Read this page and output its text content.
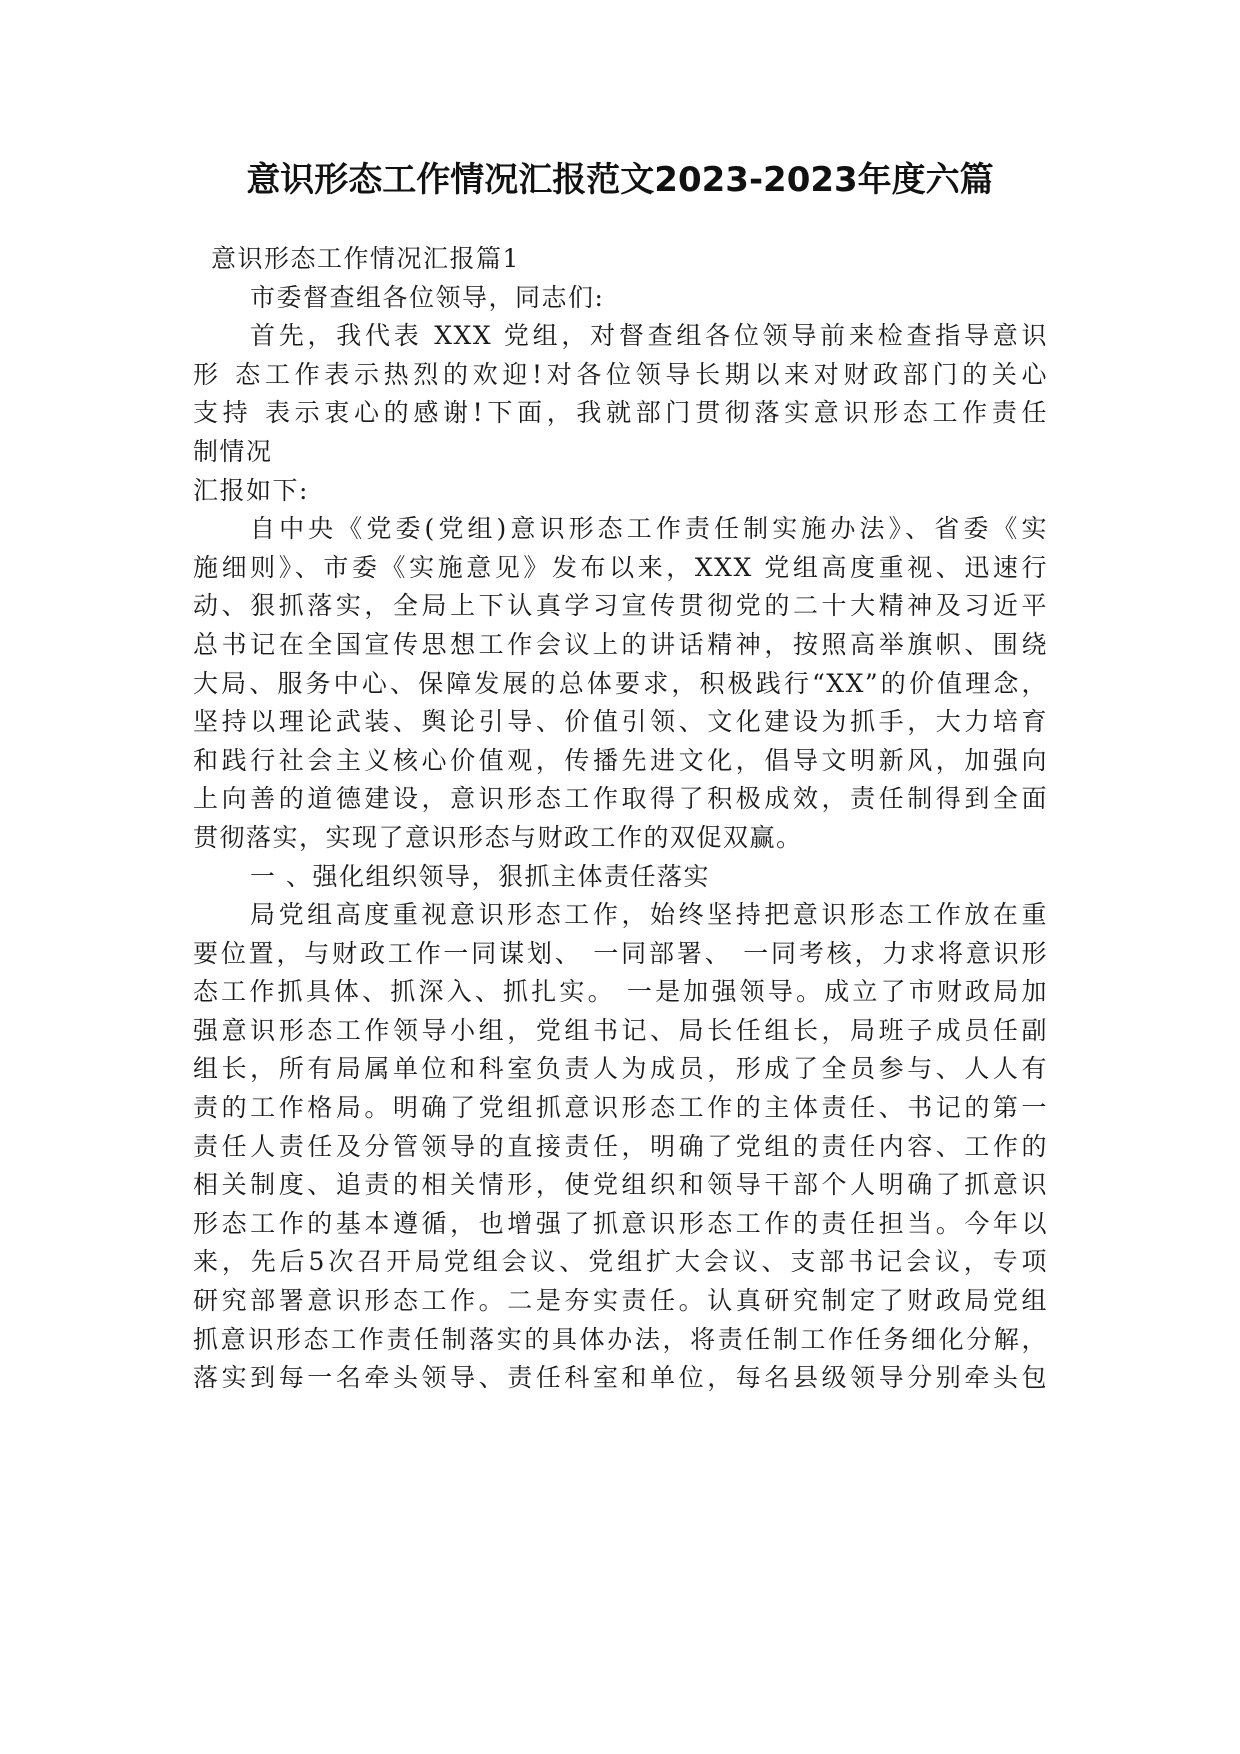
意识形态工作情况汇报范文2023-2023年度六篇
意识形态工作情况汇报篇1
市委督查组各位领导，同志们:
首先，我代表 XXX 党组，对督查组各位领导前来检查指导意识
形 态工作表示热烈的欢迎!对各位领导长期以来对财政部门的关心
支持 表示衷心的感谢!下面，我就部门贯彻落实意识形态工作责任
制情况
汇报如下:
自中央《党委(党组)意识形态工作责任制实施办法》、省委《实
施细则》、市委《实施意见》发布以来，XXX 党组高度重视、迅速行
动、狠抓落实，全局上下认真学习宣传贯彻党的二十大精神及习近平
总书记在全国宣传思想工作会议上的讲话精神，按照高举旗帜、围绕
大局、服务中心、保障发展的总体要求，积极践行“XX”的价值理念，
坚持以理论武装、舆论引导、价值引领、文化建设为抓手，大力培育
和践行社会主义核心价值观，传播先进文化，倡导文明新风，加强向
上向善的道德建设，意识形态工作取得了积极成效，责任制得到全面
贯彻落实，实现了意识形态与财政工作的双促双赢。
一 、强化组织领导，狠抓主体责任落实
局党组高度重视意识形态工作，始终坚持把意识形态工作放在重
要位置，与财政工作一同谋划、 一同部署、 一同考核，力求将意识形
态工作抓具体、抓深入、抓扎实。 一是加强领导。成立了市财政局加
强意识形态工作领导小组，党组书记、局长任组长，局班子成员任副
组长，所有局属单位和科室负责人为成员，形成了全员参与、人人有
责的工作格局。明确了党组抓意识形态工作的主体责任、书记的第一
责任人责任及分管领导的直接责任，明确了党组的责任内容、工作的
相关制度、追责的相关情形，使党组织和领导干部个人明确了抓意识
形态工作的基本遵循，也增强了抓意识形态工作的责任担当。今年以
来，先后5次召开局党组会议、党组扩大会议、支部书记会议，专项
研究部署意识形态工作。二是夯实责任。认真研究制定了财政局党组
抓意识形态工作责任制落实的具体办法，将责任制工作任务细化分解，
落实到每一名牵头领导、责任科室和单位，每名县级领导分别牵头包
